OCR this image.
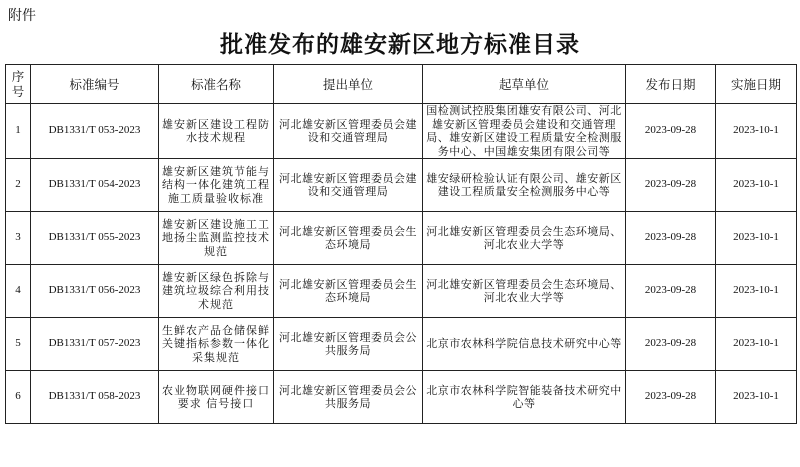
附件
批准发布的雄安新区地方标准目录
序号	标准编号	标准名称	提出单位	起草单位	发布日期	实施日期
1	DB1331/T 053-2023	雄安新区建设工程防水技术规程	河北雄安新区管理委员会建设和交通管理局	国检测试控股集团雄安有限公司、河北雄安新区管理委员会建设和交通管理局、雄安新区建设工程质量安全检测服务中心、中国雄安集团有限公司等	2023-09-28	2023-10-1
2	DB1331/T 054-2023	雄安新区建筑节能与结构一体化建筑工程施工质量验收标准	河北雄安新区管理委员会建设和交通管理局	雄安绿研检验认证有限公司、雄安新区建设工程质量安全检测服务中心等	2023-09-28	2023-10-1
3	DB1331/T 055-2023	雄安新区建设施工工地扬尘监测监控技术规范	河北雄安新区管理委员会生态环境局	河北雄安新区管理委员会生态环境局、河北农业大学等	2023-09-28	2023-10-1
4	DB1331/T 056-2023	雄安新区绿色拆除与建筑垃圾综合利用技术规范	河北雄安新区管理委员会生态环境局	河北雄安新区管理委员会生态环境局、河北农业大学等	2023-09-28	2023-10-1
5	DB1331/T 057-2023	生鲜农产品仓储保鲜关键指标参数一体化采集规范	河北雄安新区管理委员会公共服务局	北京市农林科学院信息技术研究中心等	2023-09-28	2023-10-1
6	DB1331/T 058-2023	农业物联网硬件接口要求 信号接口	河北雄安新区管理委员会公共服务局	北京市农林科学院智能装备技术研究中心等	2023-09-28	2023-10-1
